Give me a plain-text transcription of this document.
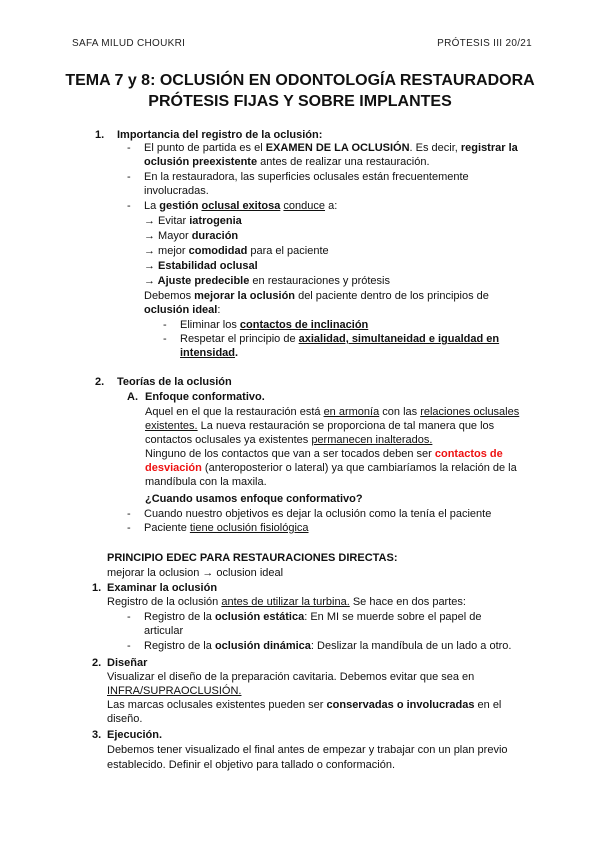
SAFA MILUD CHOUKRI	PRÓTESIS III 20/21
TEMA 7 y 8: OCLUSIÓN EN ODONTOLOGÍA RESTAURADORA
PRÓTESIS FIJAS Y SOBRE IMPLANTES
1. Importancia del registro de la oclusión:
- El punto de partida es el EXAMEN DE LA OCLUSIÓN. Es decir, registrar la
oclusión preexistente antes de realizar una restauración.
- En la restauradora, las superficies oclusales están frecuentemente
involucradas.
- La gestión oclusal exitosa conduce a:
→ Evitar iatrogenia
→ Mayor duración
→ mejor comodidad para el paciente
→ Estabilidad oclusal
→ Ajuste predecible en restauraciones y prótesis
Debemos mejorar la oclusión del paciente dentro de los principios de
oclusión ideal:
- Eliminar los contactos de inclinación
- Respetar el principio de axialidad, simultaneidad e igualdad en
intensidad.
2. Teorías de la oclusión
A. Enfoque conformativo.
Aquel en el que la restauración está en armonía con las relaciones oclusales
existentes. La nueva restauración se proporciona de tal manera que los
contactos oclusales ya existentes permanecen inalterados.
Ninguno de los contactos que van a ser tocados deben ser contactos de
desviación (anteroposterior o lateral) ya que cambiaríamos la relación de la
mandíbula con la maxila.
¿Cuando usamos enfoque conformativo?
- Cuando nuestro objetivos es dejar la oclusión como la tenía el paciente
- Paciente tiene oclusión fisiológica
PRINCIPIO EDEC PARA RESTAURACIONES DIRECTAS:
mejorar la oclusion → oclusion ideal
1. Examinar la oclusión
Registro de la oclusión antes de utilizar la turbina. Se hace en dos partes:
- Registro de la oclusión estática: En MI se muerde sobre el papel de
articular
- Registro de la oclusión dinámica: Deslizar la mandíbula de un lado a otro.
2. Diseñar
Visualizar el diseño de la preparación cavitaria. Debemos evitar que sea en
INFRA/SUPRAOCLUSIÓN.
Las marcas oclusales existentes pueden ser conservadas o involucradas en el
diseño.
3. Ejecución.
Debemos tener visualizado el final antes de empezar y trabajar con un plan previo
establecido. Definir el objetivo para tallado o conformación.
